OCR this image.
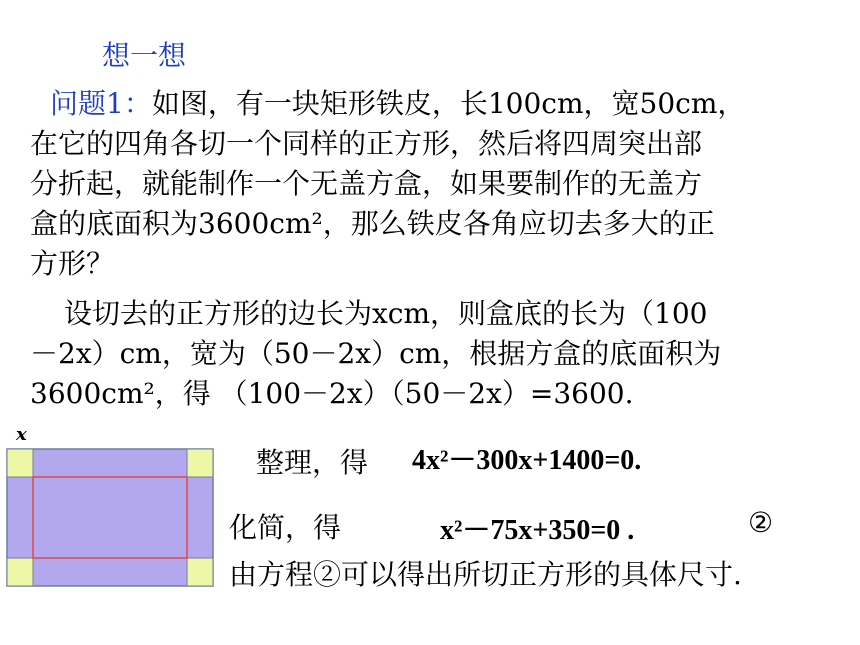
想一想
问题1：如图，有一块矩形铁皮，长100cm，宽50cm，
在它的四角各切一个同样的正方形，然后将四周突出部
分折起，就能制作一个无盖方盒，如果要制作的无盖方
盒的底面积为3600cm²，那么铁皮各角应切去多大的正
方形？
设切去的正方形的边长为xcm，则盒底的长为（100
－2x）cm，宽为（50－2x）cm，根据方盒的底面积为
3600cm²，得 （100－2x）（50－2x）=3600.
x
整理，得 4x²－300x+1400=0.
化简，得	x²－75x+350=0 .	②
由方程②可以得出所切正方形的具体尺寸.
